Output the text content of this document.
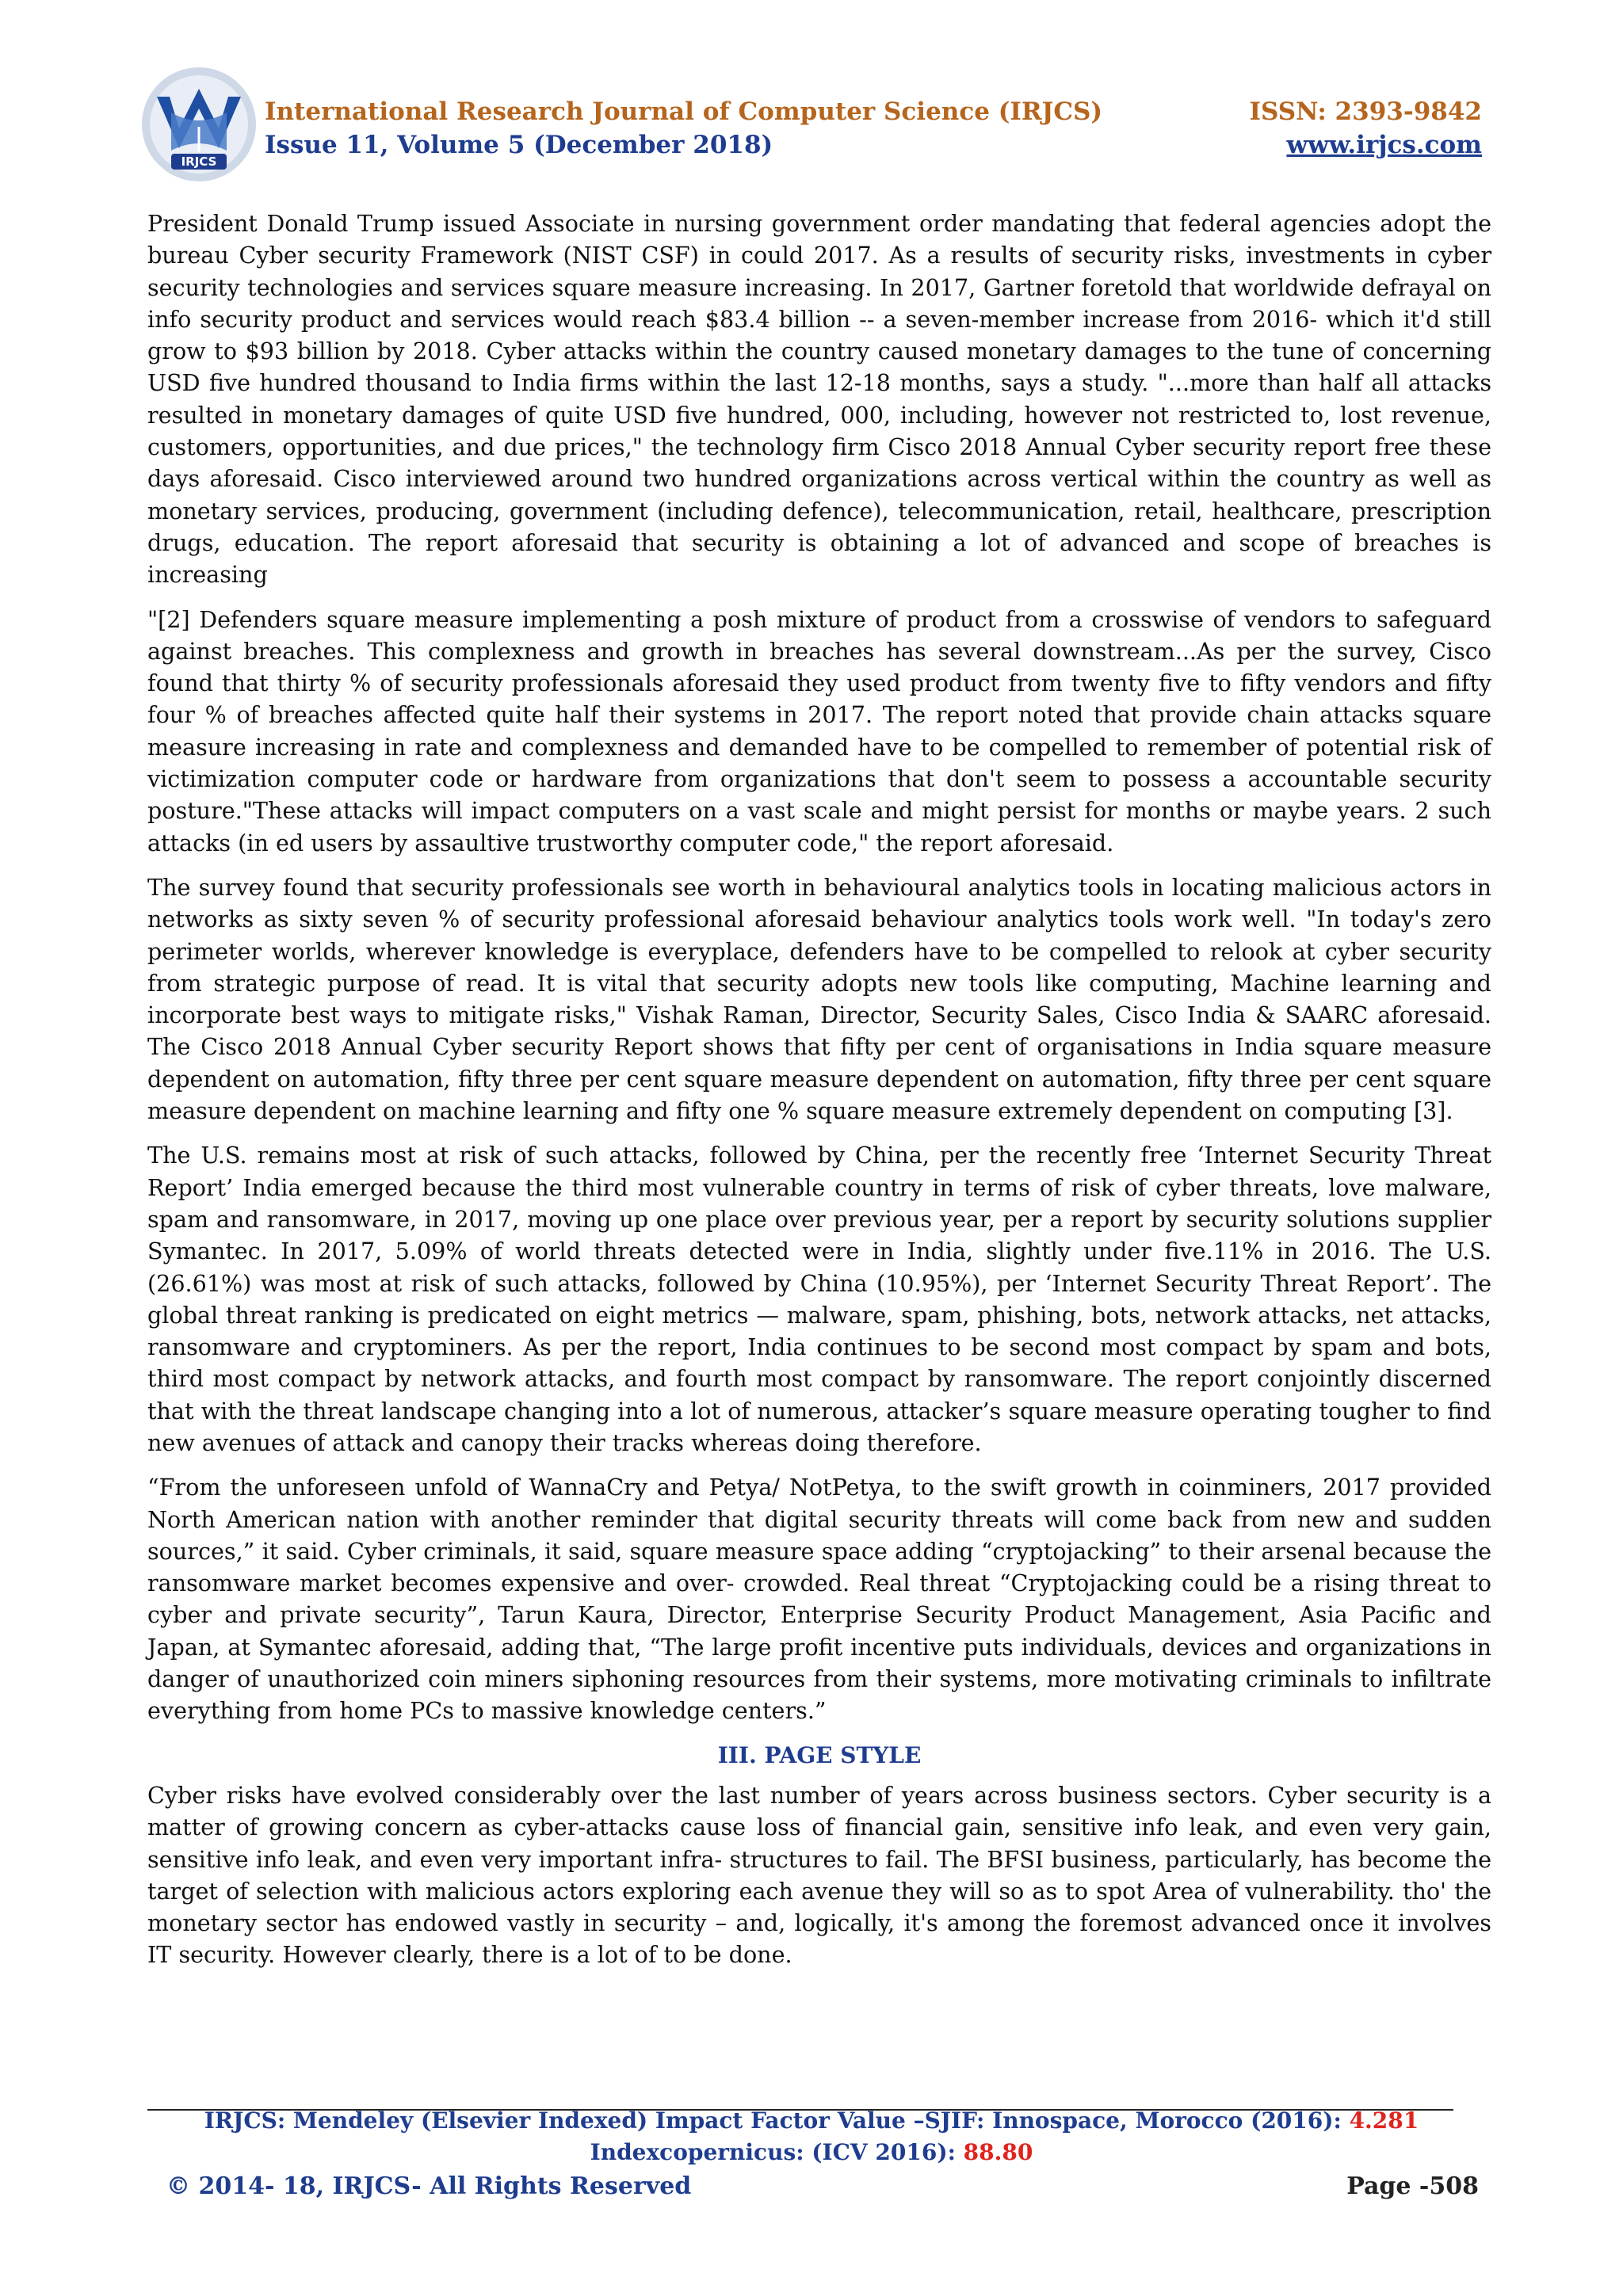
IRJCS
International Research Journal of Computer Science (IRJCS)
Issue 11, Volume 5 (December 2018)
ISSN: 2393-9842
www.irjcs.com

President Donald Trump issued Associate in nursing government order mandating that federal agencies adopt the bureau Cyber security Framework (NIST CSF) in could 2017. As a results of security risks, investments in cyber security technologies and services square measure increasing. In 2017, Gartner foretold that worldwide defrayal on info security product and services would reach $83.4 billion -- a seven-member increase from 2016- which it'd still grow to $93 billion by 2018. Cyber attacks within the country caused monetary damages to the tune of concerning USD five hundred thousand to India firms within the last 12-18 months, says a study. "...more than half all attacks resulted in monetary damages of quite USD five hundred, 000, including, however not restricted to, lost revenue, customers, opportunities, and due prices," the technology firm Cisco 2018 Annual Cyber security report free these days aforesaid. Cisco interviewed around two hundred organizations across vertical within the country as well as monetary services, producing, government (including defence), telecommunication, retail, healthcare, prescription drugs, education. The report aforesaid that security is obtaining a lot of advanced and scope of breaches is increasing

"[2] Defenders square measure implementing a posh mixture of product from a crosswise of vendors to safeguard against breaches. This complexness and growth in breaches has several downstream...As per the survey, Cisco found that thirty % of security professionals aforesaid they used product from twenty five to fifty vendors and fifty four % of breaches affected quite half their systems in 2017. The report noted that provide chain attacks square measure increasing in rate and complexness and demanded have to be compelled to remember of potential risk of victimization computer code or hardware from organizations that don't seem to possess a accountable security posture."These attacks will impact computers on a vast scale and might persist for months or maybe years. 2 such attacks (in ed users by assaultive trustworthy computer code," the report aforesaid.

The survey found that security professionals see worth in behavioural analytics tools in locating malicious actors in networks as sixty seven % of security professional aforesaid behaviour analytics tools work well. "In today's zero perimeter worlds, wherever knowledge is everyplace, defenders have to be compelled to relook at cyber security from strategic purpose of read. It is vital that security adopts new tools like computing, Machine learning and incorporate best ways to mitigate risks," Vishak Raman, Director, Security Sales, Cisco India & SAARC aforesaid. The Cisco 2018 Annual Cyber security Report shows that fifty per cent of organisations in India square measure dependent on automation, fifty three per cent square measure dependent on automation, fifty three per cent square measure dependent on machine learning and fifty one % square measure extremely dependent on computing [3].

The U.S. remains most at risk of such attacks, followed by China, per the recently free ‘Internet Security Threat Report’ India emerged because the third most vulnerable country in terms of risk of cyber threats, love malware, spam and ransomware, in 2017, moving up one place over previous year, per a report by security solutions supplier Symantec. In 2017, 5.09% of world threats detected were in India, slightly under five.11% in 2016. The U.S. (26.61%) was most at risk of such attacks, followed by China (10.95%), per ‘Internet Security Threat Report’. The global threat ranking is predicated on eight metrics — malware, spam, phishing, bots, network attacks, net attacks, ransomware and cryptominers. As per the report, India continues to be second most compact by spam and bots, third most compact by network attacks, and fourth most compact by ransomware. The report conjointly discerned that with the threat landscape changing into a lot of numerous, attacker’s square measure operating tougher to find new avenues of attack and canopy their tracks whereas doing therefore.

“From the unforeseen unfold of WannaCry and Petya/ NotPetya, to the swift growth in coinminers, 2017 provided North American nation with another reminder that digital security threats will come back from new and sudden sources,” it said. Cyber criminals, it said, square measure space adding “cryptojacking” to their arsenal because the ransomware market becomes expensive and over- crowded. Real threat “Cryptojacking could be a rising threat to cyber and private security”, Tarun Kaura, Director, Enterprise Security Product Management, Asia Pacific and Japan, at Symantec aforesaid, adding that, “The large profit incentive puts individuals, devices and organizations in danger of unauthorized coin miners siphoning resources from their systems, more motivating criminals to infiltrate everything from home PCs to massive knowledge centers.”

III. PAGE STYLE

Cyber risks have evolved considerably over the last number of years across business sectors. Cyber security is a matter of growing concern as cyber-attacks cause loss of financial gain, sensitive info leak, and even very gain, sensitive info leak, and even very important infra- structures to fail. The BFSI business, particularly, has become the target of selection with malicious actors exploring each avenue they will so as to spot Area of vulnerability. tho' the monetary sector has endowed vastly in security – and, logically, it's among the foremost advanced once it involves IT security. However clearly, there is a lot of to be done.

IRJCS: Mendeley (Elsevier Indexed) Impact Factor Value –SJIF: Innospace, Morocco (2016): 4.281
Indexcopernicus: (ICV 2016): 88.80
© 2014- 18, IRJCS- All Rights Reserved	Page -508
